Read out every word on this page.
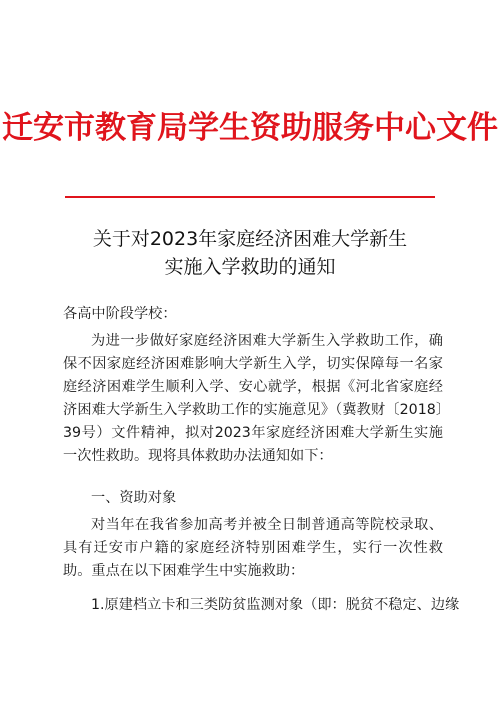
迁安市教育局学生资助服务中心文件
关于对2023年家庭经济困难大学新生
实施入学救助的通知
各高中阶段学校：
为进一步做好家庭经济困难大学新生入学救助工作，确保不因家庭经济困难影响大学新生入学，切实保障每一名家庭经济困难学生顺利入学、安心就学，根据《河北省家庭经济困难大学新生入学救助工作的实施意见》（冀教财〔2018〕39号）文件精神，拟对2023年家庭经济困难大学新生实施一次性救助。现将具体救助办法通知如下：
一、资助对象
对当年在我省参加高考并被全日制普通高等院校录取、具有迁安市户籍的家庭经济特别困难学生，实行一次性救助。重点在以下困难学生中实施救助：
1.原建档立卡和三类防贫监测对象（即：脱贫不稳定、边缘
